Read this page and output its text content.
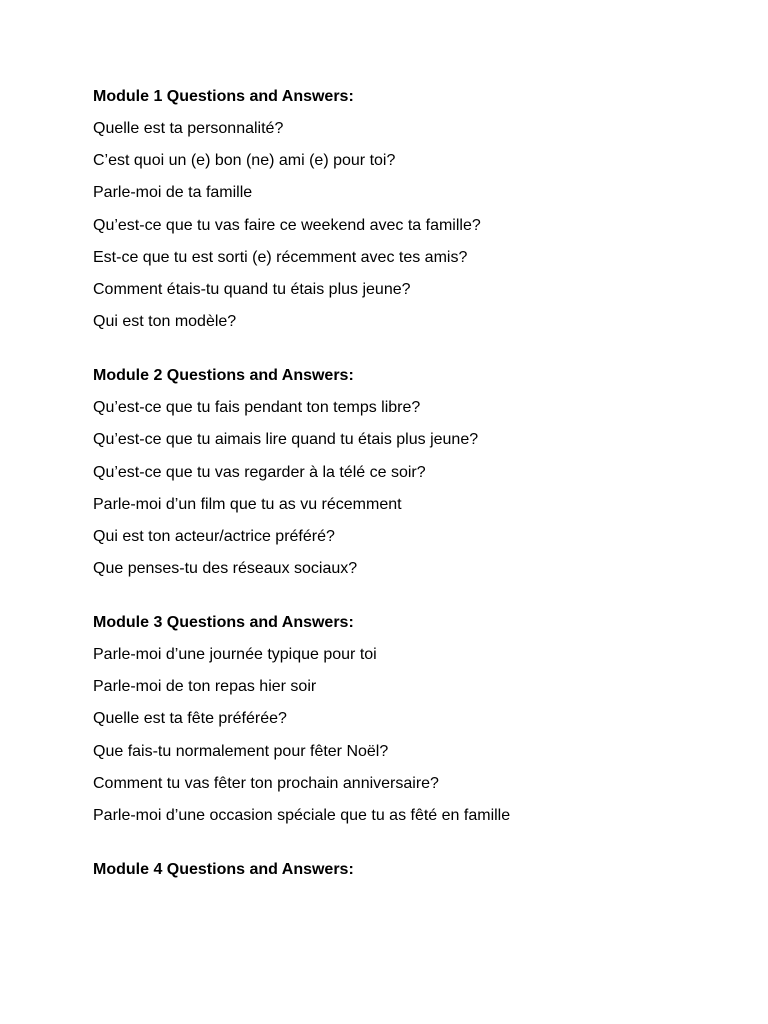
Module 1 Questions and Answers:
Quelle est ta personnalité?
C’est quoi un (e) bon (ne) ami (e) pour toi?
Parle-moi de ta famille
Qu’est-ce que tu vas faire ce weekend avec ta famille?
Est-ce que tu est sorti (e) récemment avec tes amis?
Comment étais-tu quand tu étais plus jeune?
Qui est ton modèle?
Module 2 Questions and Answers:
Qu’est-ce que tu fais pendant ton temps libre?
Qu’est-ce que tu aimais lire quand tu étais plus jeune?
Qu’est-ce que tu vas regarder à la télé ce soir?
Parle-moi d’un film que tu as vu récemment
Qui est ton acteur/actrice préféré?
Que penses-tu des réseaux sociaux?
Module 3 Questions and Answers:
Parle-moi d’une journée typique pour toi
Parle-moi de ton repas hier soir
Quelle est ta fête préférée?
Que fais-tu normalement pour fêter Noël?
Comment tu vas fêter ton prochain anniversaire?
Parle-moi d’une occasion spéciale que tu as fêté en famille
Module 4 Questions and Answers:
